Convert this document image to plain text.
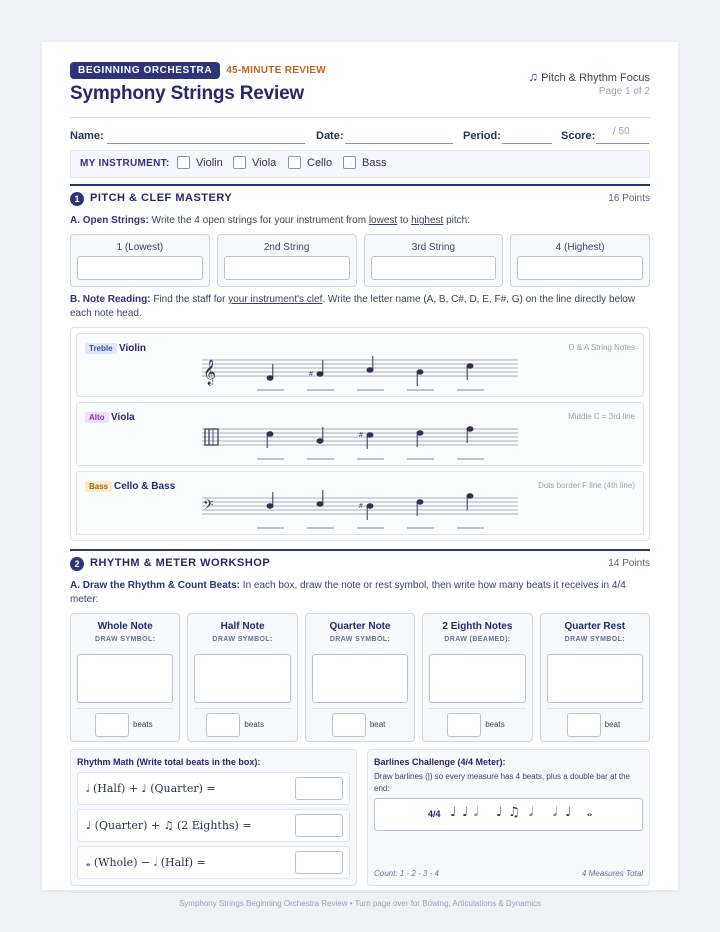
BEGINNING ORCHESTRA 45-MINUTE REVIEW
Symphony Strings Review
♫ Pitch & Rhythm Focus
Page 1 of 2
Name:	Date:	Period:	Score: / 50
MY INSTRUMENT: Violin	Viola	Cello	Bass
1 PITCH & CLEF MASTERY	16 Points
A. Open Strings: Write the 4 open strings for your instrument from lowest to highest pitch:
1 (Lowest)	2nd String	3rd String	4 (Highest)
B. Note Reading: Find the staff for your instrument's clef. Write the letter name (A, B, C#, D, E, F#, G) on the line directly below each note head.
Treble Violin	D & A String Notes
𝄞	#
Alto Viola	Middle C = 3rd line
#
Bass Cello & Bass	Dots border F line (4th line)
𝄢	#
2 RHYTHM & METER WORKSHOP	14 Points
A. Draw the Rhythm & Count Beats: In each box, draw the note or rest symbol, then write how many beats it receives in 4/4 meter:
Whole Note
DRAW SYMBOL:
beats
Half Note
DRAW SYMBOL:
beats
Quarter Note
DRAW SYMBOL:
beat
2 Eighth Notes
DRAW (BEAMED):
beats
Quarter Rest
DRAW SYMBOL:
beat
Rhythm Math (Write total beats in the box):
𝅗𝅥 (Half) + ♩ (Quarter) =
♩ (Quarter) + ♫ (2 Eighths) =
𝅝 (Whole) − 𝅗𝅥 (Half) =
Barlines Challenge (4/4 Meter):
Draw barlines (|) so every measure has 4 beats, plus a double bar at the end:
4/4 ♩ ♩ 𝅗𝅥 ♩ ♫ 𝅗𝅥 𝅗𝅥 ♩ 𝅝
Count: 1 - 2 - 3 - 4	4 Measures Total
Symphony Strings Beginning Orchestra Review • Turn page over for Bowing, Articulations & Dynamics
